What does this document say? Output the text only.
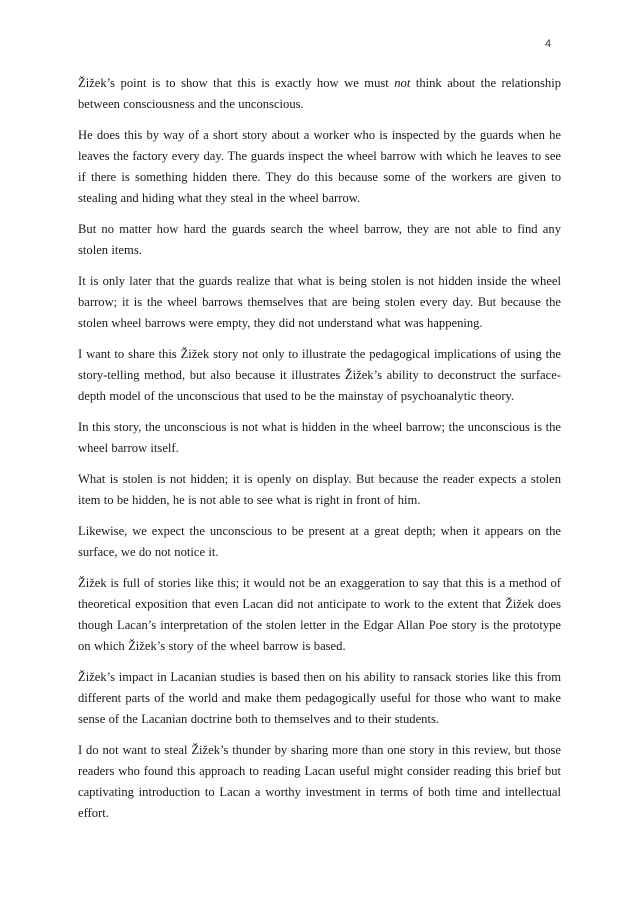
4

Žižek’s point is to show that this is exactly how we must not think about the relationship between consciousness and the unconscious.

He does this by way of a short story about a worker who is inspected by the guards when he leaves the factory every day. The guards inspect the wheel barrow with which he leaves to see if there is something hidden there. They do this because some of the workers are given to stealing and hiding what they steal in the wheel barrow.

But no matter how hard the guards search the wheel barrow, they are not able to find any stolen items.

It is only later that the guards realize that what is being stolen is not hidden inside the wheel barrow; it is the wheel barrows themselves that are being stolen every day. But because the stolen wheel barrows were empty, they did not understand what was happening.

I want to share this Žižek story not only to illustrate the pedagogical implications of using the story-telling method, but also because it illustrates Žižek’s ability to deconstruct the surface-depth model of the unconscious that used to be the mainstay of psychoanalytic theory.

In this story, the unconscious is not what is hidden in the wheel barrow; the unconscious is the wheel barrow itself.

What is stolen is not hidden; it is openly on display. But because the reader expects a stolen item to be hidden, he is not able to see what is right in front of him.

Likewise, we expect the unconscious to be present at a great depth; when it appears on the surface, we do not notice it.

Žižek is full of stories like this; it would not be an exaggeration to say that this is a method of theoretical exposition that even Lacan did not anticipate to work to the extent that Žižek does though Lacan’s interpretation of the stolen letter in the Edgar Allan Poe story is the prototype on which Žižek’s story of the wheel barrow is based.

Žižek’s impact in Lacanian studies is based then on his ability to ransack stories like this from different parts of the world and make them pedagogically useful for those who want to make sense of the Lacanian doctrine both to themselves and to their students.

I do not want to steal Žižek’s thunder by sharing more than one story in this review, but those readers who found this approach to reading Lacan useful might consider reading this brief but captivating introduction to Lacan a worthy investment in terms of both time and intellectual effort.
